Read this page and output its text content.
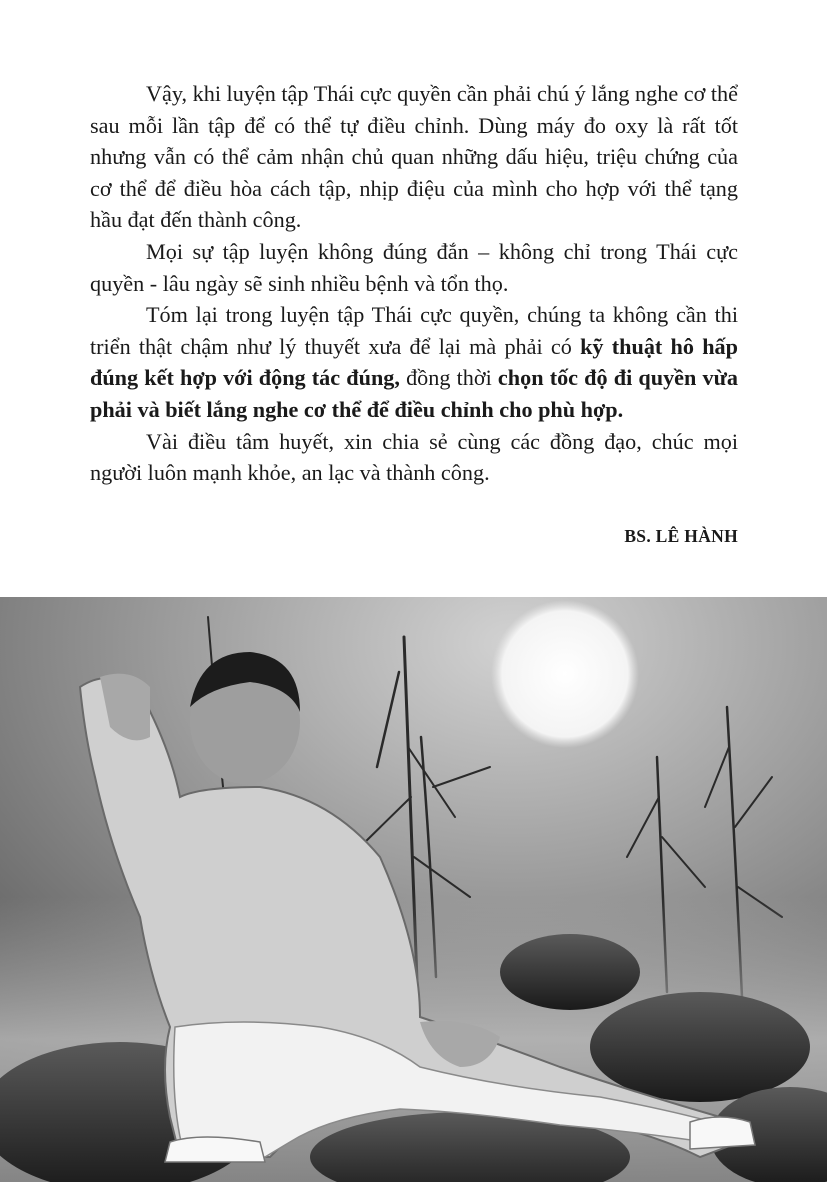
Vậy, khi luyện tập Thái cực quyền cần phải chú ý lắng nghe cơ thể sau mỗi lần tập để có thể tự điều chỉnh. Dùng máy đo oxy là rất tốt nhưng vẫn có thể cảm nhận chủ quan những dấu hiệu, triệu chứng của cơ thể để điều hòa cách tập, nhịp điệu của mình cho hợp với thể tạng hầu đạt đến thành công.

Mọi sự tập luyện không đúng đắn – không chỉ trong Thái cực quyền - lâu ngày sẽ sinh nhiều bệnh và tổn thọ.

Tóm lại trong luyện tập Thái cực quyền, chúng ta không cần thi triển thật chậm như lý thuyết xưa để lại mà phải có kỹ thuật hô hấp đúng kết hợp với động tác đúng, đồng thời chọn tốc độ đi quyền vừa phải và biết lắng nghe cơ thể để điều chỉnh cho phù hợp.

Vài điều tâm huyết, xin chia sẻ cùng các đồng đạo, chúc mọi người luôn mạnh khỏe, an lạc và thành công.

BS. LÊ HÀNH
